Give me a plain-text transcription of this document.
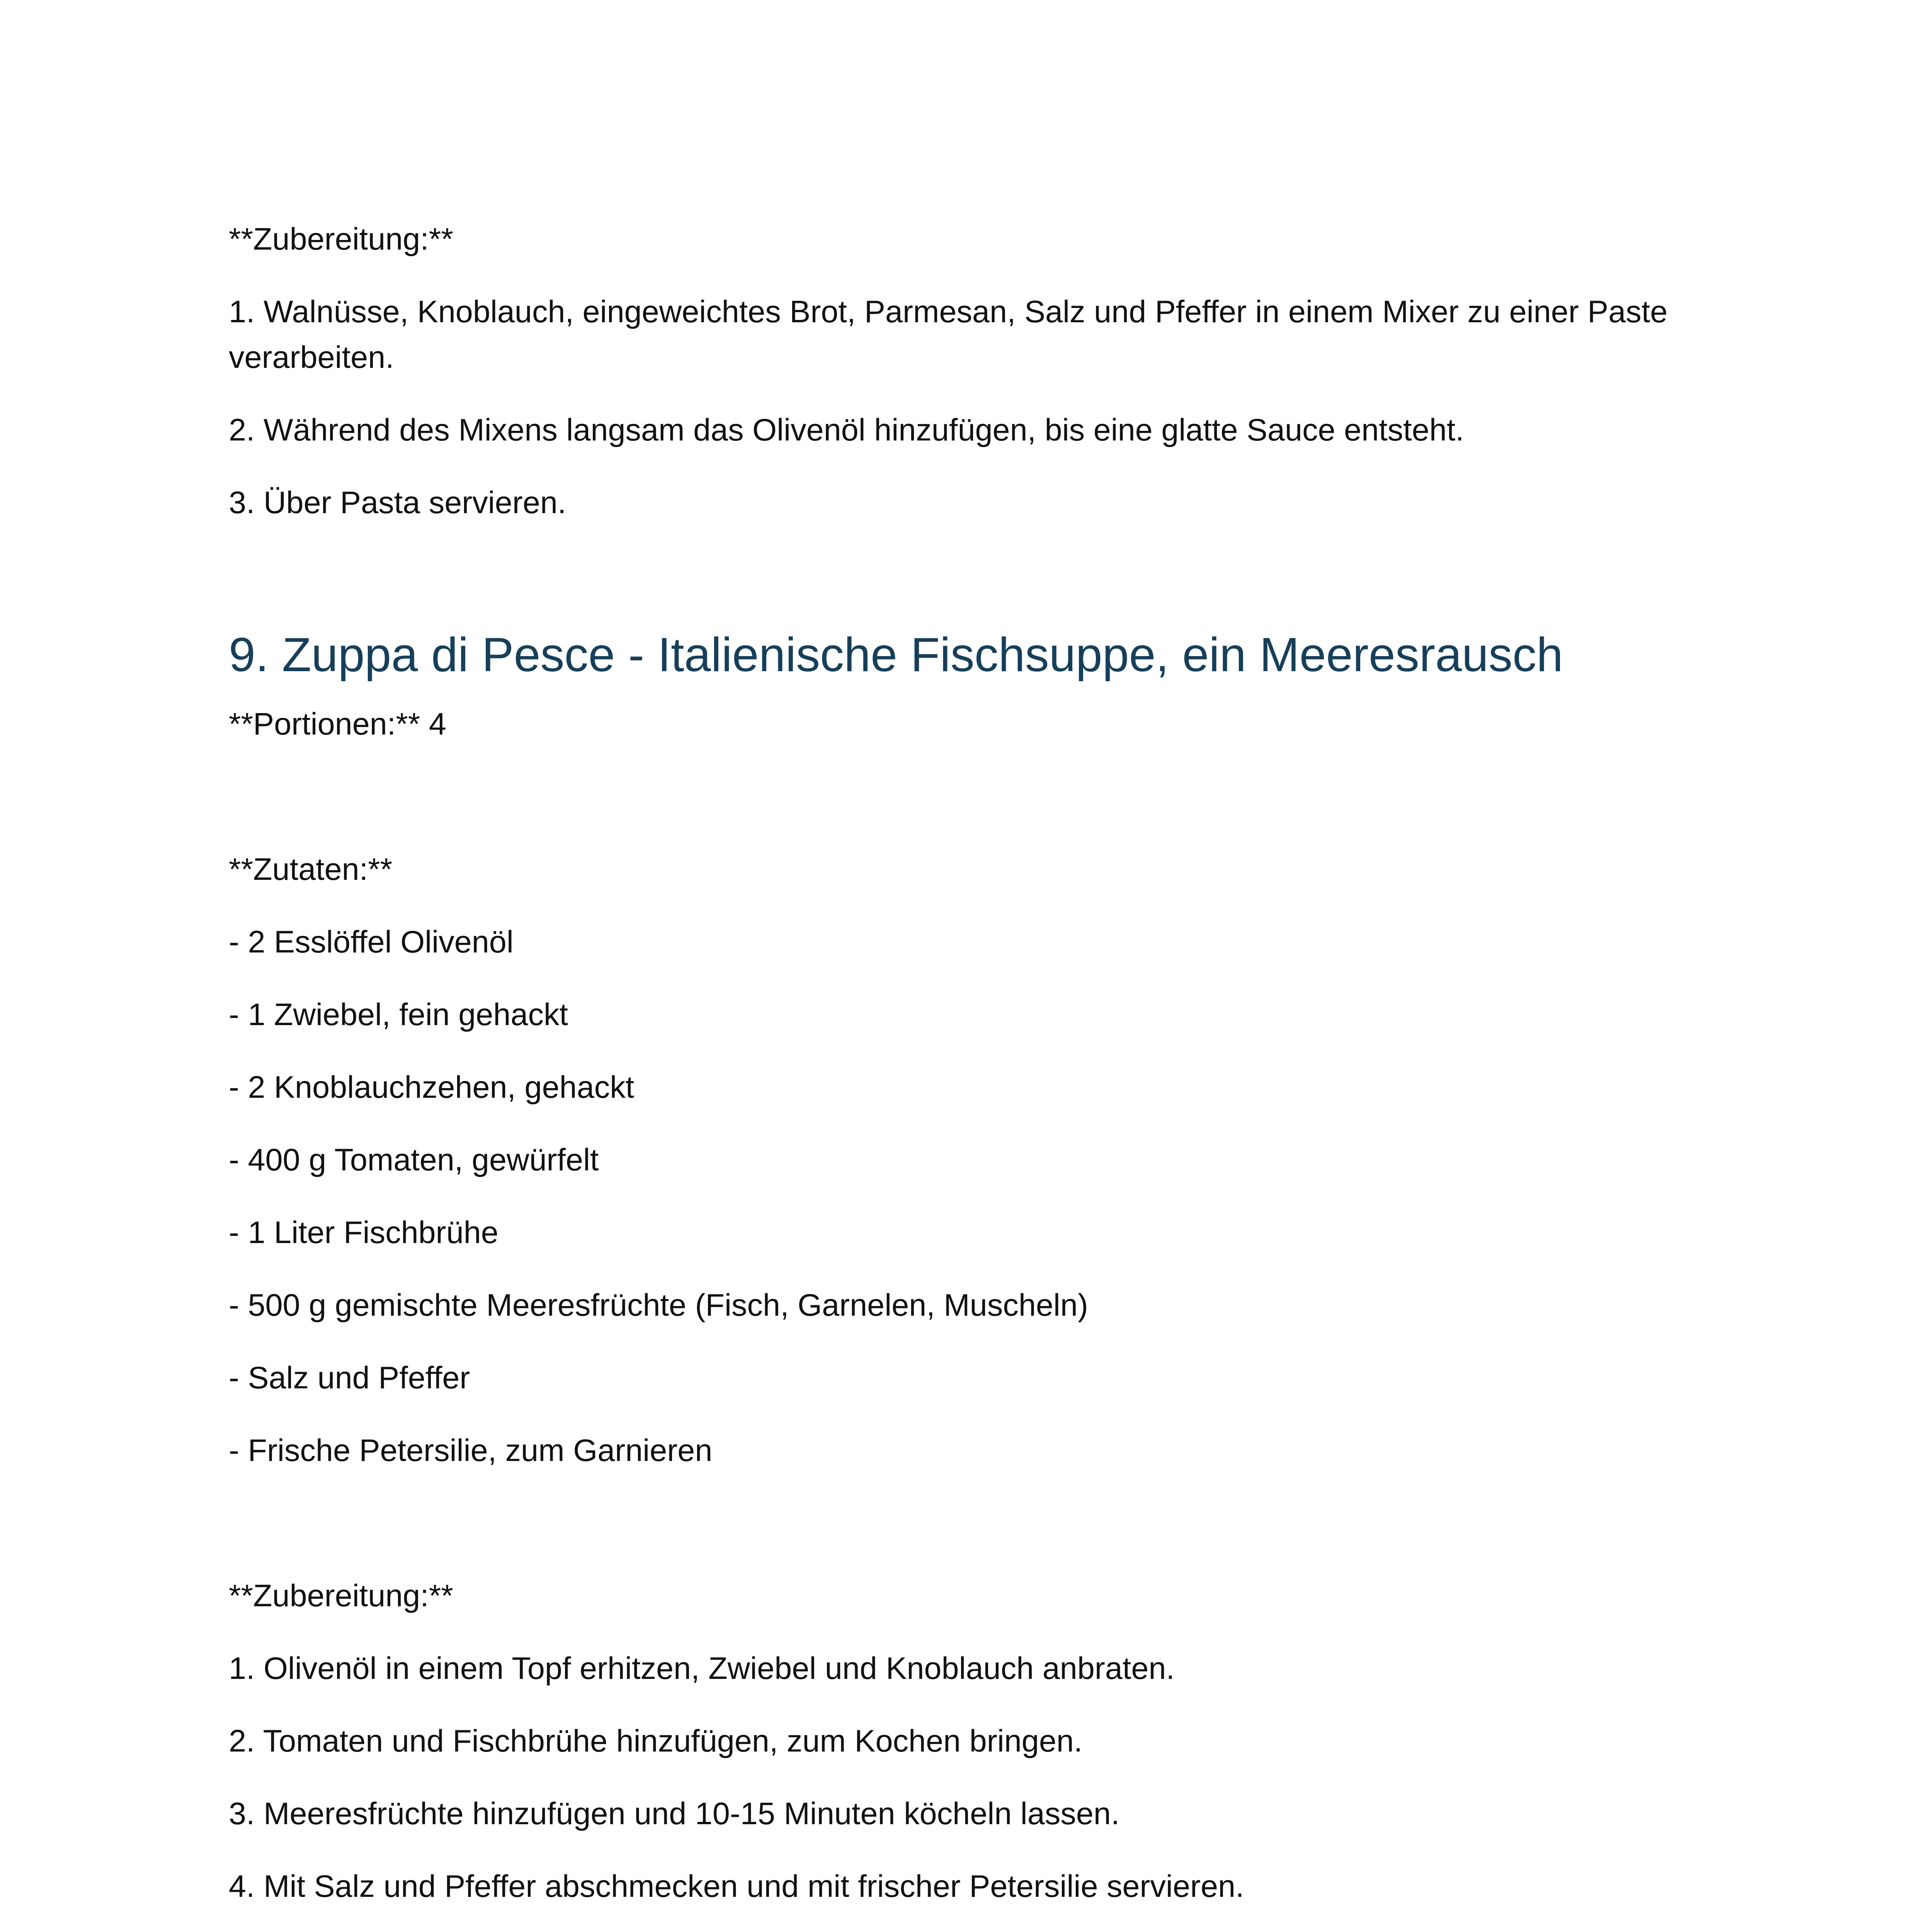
**Zubereitung:**

1. Walnüsse, Knoblauch, eingeweichtes Brot, Parmesan, Salz und Pfeffer in einem Mixer zu einer Paste verarbeiten.

2. Während des Mixens langsam das Olivenöl hinzufügen, bis eine glatte Sauce entsteht.

3. Über Pasta servieren.

9. Zuppa di Pesce - Italienische Fischsuppe, ein Meeresrausch

**Portionen:** 4

**Zutaten:**

- 2 Esslöffel Olivenöl

- 1 Zwiebel, fein gehackt

- 2 Knoblauchzehen, gehackt

- 400 g Tomaten, gewürfelt

- 1 Liter Fischbrühe

- 500 g gemischte Meeresfrüchte (Fisch, Garnelen, Muscheln)

- Salz und Pfeffer

- Frische Petersilie, zum Garnieren

**Zubereitung:**

1. Olivenöl in einem Topf erhitzen, Zwiebel und Knoblauch anbraten.

2. Tomaten und Fischbrühe hinzufügen, zum Kochen bringen.

3. Meeresfrüchte hinzufügen und 10-15 Minuten köcheln lassen.

4. Mit Salz und Pfeffer abschmecken und mit frischer Petersilie servieren.
